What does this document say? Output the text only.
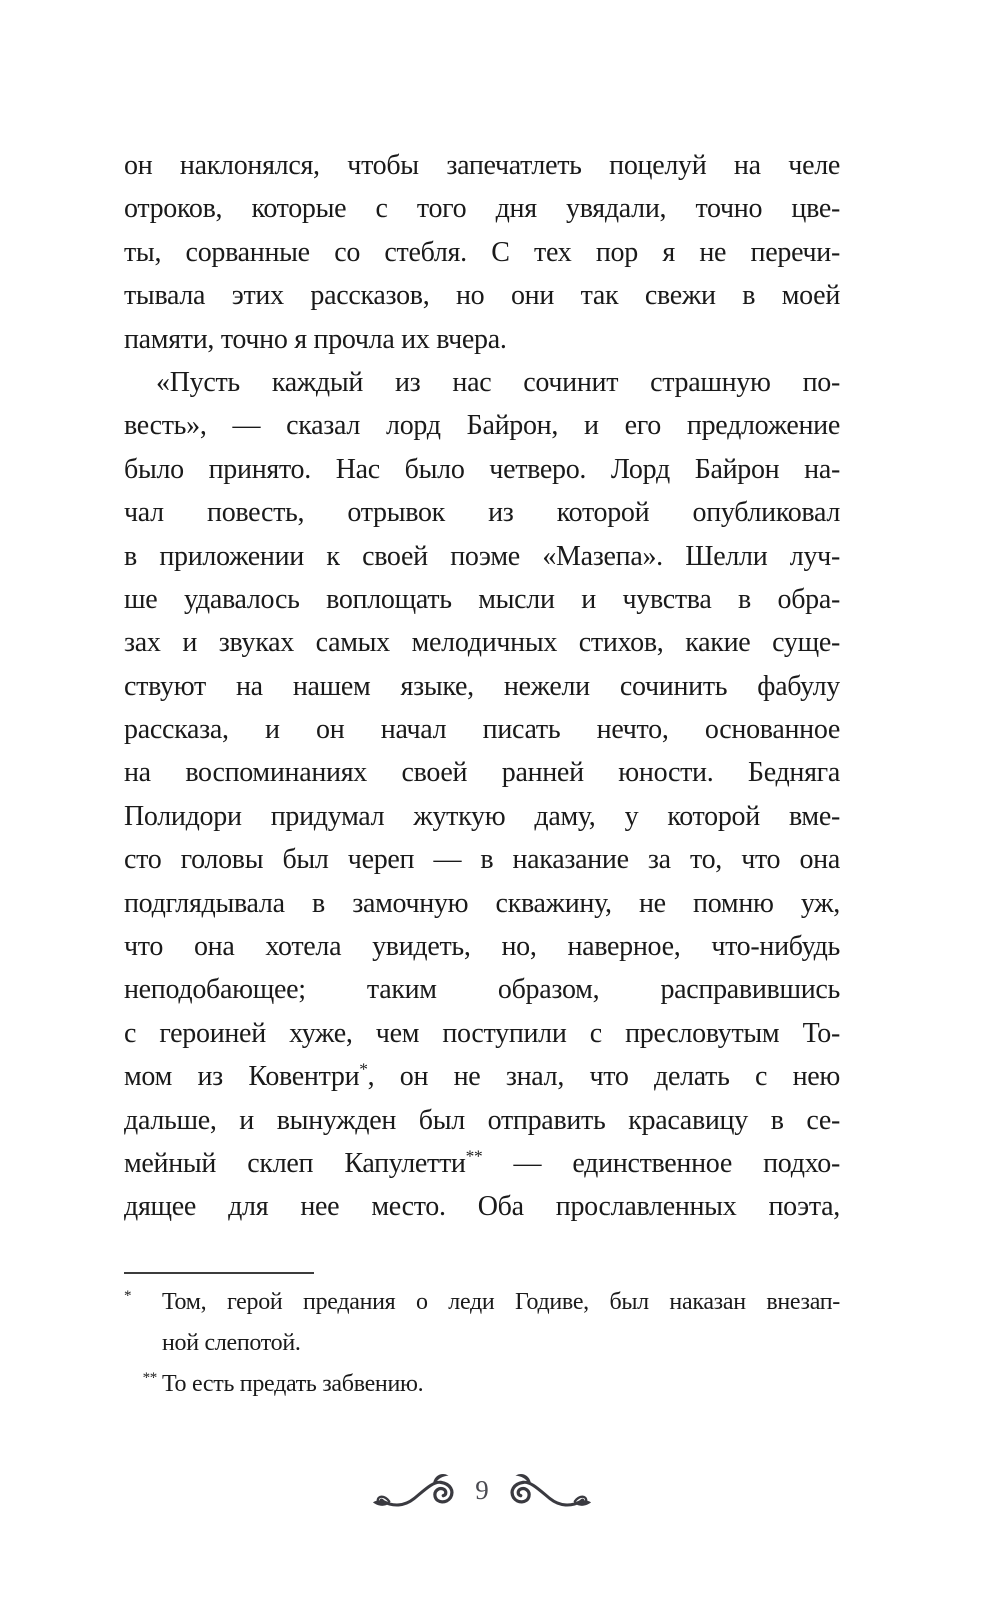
он наклонялся, чтобы запечатлеть поцелуй на челе
отроков, которые с того дня увядали, точно цве-
ты, сорванные со стебля. С тех пор я не перечи-
тывала этих рассказов, но они так свежи в моей
памяти, точно я прочла их вчера.
«Пусть каждый из нас сочинит страшную по-
весть», — сказал лорд Байрон, и его предложение
было принято. Нас было четверо. Лорд Байрон на-
чал повесть, отрывок из которой опубликовал
в приложении к своей поэме «Мазепа». Шелли луч-
ше удавалось воплощать мысли и чувства в обра-
зах и звуках самых мелодичных стихов, какие суще-
ствуют на нашем языке, нежели сочинить фабулу
рассказа, и он начал писать нечто, основанное
на воспоминаниях своей ранней юности. Бедняга
Полидори придумал жуткую даму, у которой вме-
сто головы был череп — в наказание за то, что она
подглядывала в замочную скважину, не помню уж,
что она хотела увидеть, но, наверное, что-нибудь
неподобающее; таким образом, расправившись
с героиней хуже, чем поступили с пресловутым То-
мом из Ковентри*, он не знал, что делать с нею
дальше, и вынужден был отправить красавицу в се-
мейный склеп Капулетти** — единственное подхо-
дящее для нее место. Оба прославленных поэта,
*	Том, герой предания о леди Годиве, был наказан внезап-
ной слепотой.
** То есть предать забвению.
9
